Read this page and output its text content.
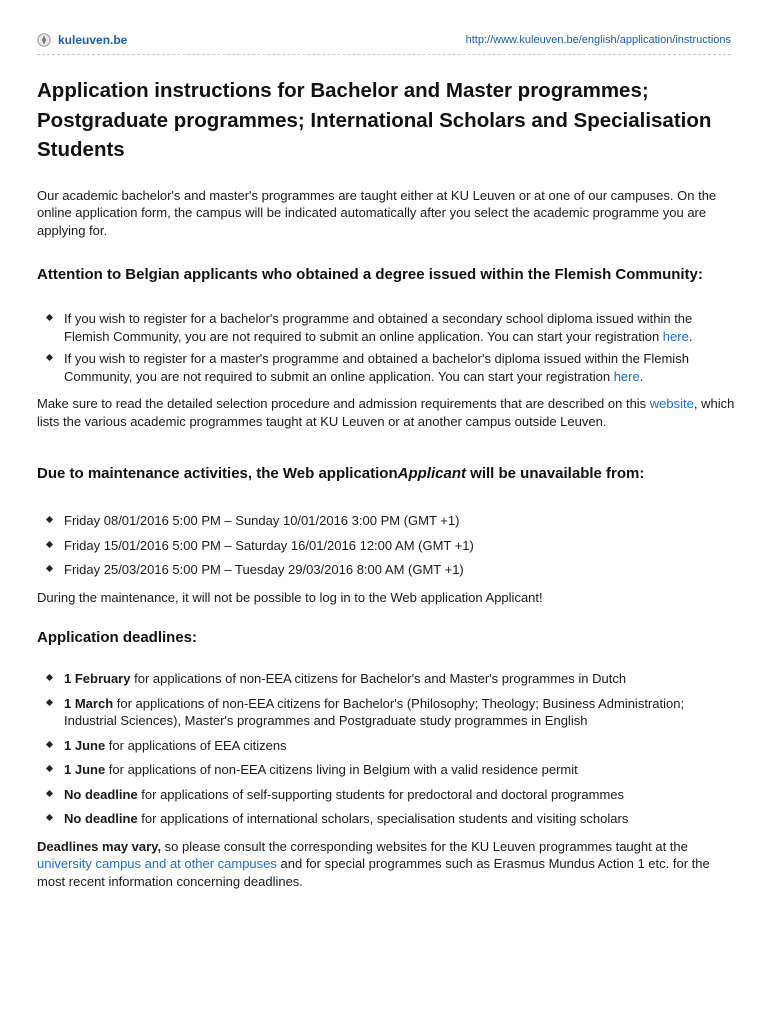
kuleuven.be	http://www.kuleuven.be/english/application/instructions
Application instructions for Bachelor and Master programmes; Postgraduate programmes; International Scholars and Specialisation Students

Our academic bachelor's and master's programmes are taught either at KU Leuven or at one of our campuses. On the online application form, the campus will be indicated automatically after you select the academic programme you are applying for.

Attention to Belgian applicants who obtained a degree issued within the Flemish Community:
If you wish to register for a bachelor's programme and obtained a secondary school diploma issued within the Flemish Community, you are not required to submit an online application. You can start your registration here.
If you wish to register for a master's programme and obtained a bachelor's diploma issued within the Flemish Community, you are not required to submit an online application. You can start your registration here.

Make sure to read the detailed selection procedure and admission requirements that are described on this website, which lists the various academic programmes taught at KU Leuven or at another campus outside Leuven.

Due to maintenance activities, the Web applicationApplicant will be unavailable from:
Friday 08/01/2016 5:00 PM – Sunday 10/01/2016 3:00 PM (GMT +1)
Friday 15/01/2016 5:00 PM – Saturday 16/01/2016 12:00 AM (GMT +1)
Friday 25/03/2016 5:00 PM – Tuesday 29/03/2016 8:00 AM (GMT +1)

During the maintenance, it will not be possible to log in to the Web application Applicant!

Application deadlines:
1 February for applications of non-EEA citizens for Bachelor's and Master's programmes in Dutch
1 March for applications of non-EEA citizens for Bachelor's (Philosophy; Theology; Business Administration; Industrial Sciences), Master's programmes and Postgraduate study programmes in English
1 June for applications of EEA citizens
1 June for applications of non-EEA citizens living in Belgium with a valid residence permit
No deadline for applications of self-supporting students for predoctoral and doctoral programmes
No deadline for applications of international scholars, specialisation students and visiting scholars

Deadlines may vary, so please consult the corresponding websites for the KU Leuven programmes taught at the university campus and at other campuses and for special programmes such as Erasmus Mundus Action 1 etc. for the most recent information concerning deadlines.
